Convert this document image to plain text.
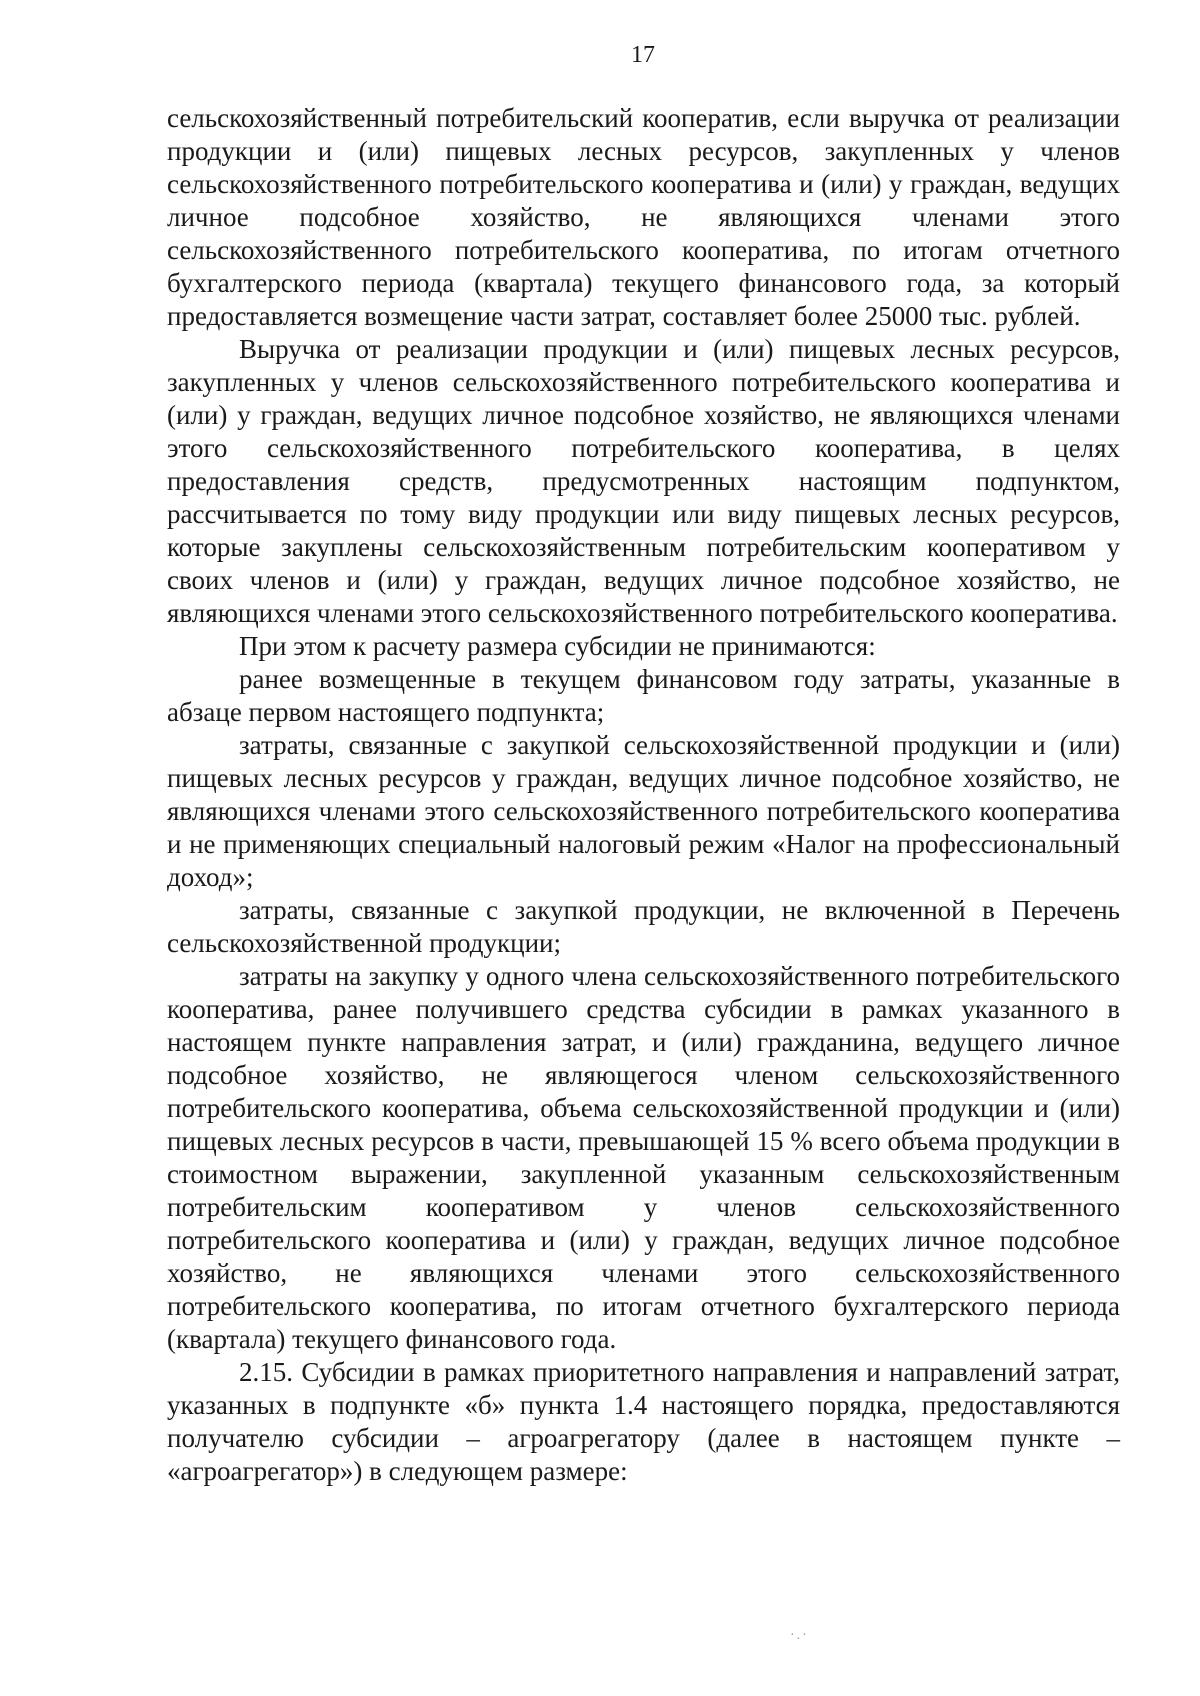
17

сельскохозяйственный потребительский кооператив, если выручка от реализации продукции и (или) пищевых лесных ресурсов, закупленных у членов сельскохозяйственного потребительского кооператива и (или) у граждан, ведущих личное подсобное хозяйство, не являющихся членами этого сельскохозяйственного потребительского кооператива, по итогам отчетного бухгалтерского периода (квартала) текущего финансового года, за который предоставляется возмещение части затрат, составляет более 25000 тыс. рублей.

Выручка от реализации продукции и (или) пищевых лесных ресурсов, закупленных у членов сельскохозяйственного потребительского кооператива и (или) у граждан, ведущих личное подсобное хозяйство, не являющихся членами этого сельскохозяйственного потребительского кооператива, в целях предоставления средств, предусмотренных настоящим подпунктом, рассчитывается по тому виду продукции или виду пищевых лесных ресурсов, которые закуплены сельскохозяйственным потребительским кооперативом у своих членов и (или) у граждан, ведущих личное подсобное хозяйство, не являющихся членами этого сельскохозяйственного потребительского кооператива.

При этом к расчету размера субсидии не принимаются:

ранее возмещенные в текущем финансовом году затраты, указанные в абзаце первом настоящего подпункта;

затраты, связанные с закупкой сельскохозяйственной продукции и (или) пищевых лесных ресурсов у граждан, ведущих личное подсобное хозяйство, не являющихся членами этого сельскохозяйственного потребительского кооператива и не применяющих специальный налоговый режим «Налог на профессиональный доход»;

затраты, связанные с закупкой продукции, не включенной в Перечень сельскохозяйственной продукции;

затраты на закупку у одного члена сельскохозяйственного потребительского кооператива, ранее получившего средства субсидии в рамках указанного в настоящем пункте направления затрат, и (или) гражданина, ведущего личное подсобное хозяйство, не являющегося членом сельскохозяйственного потребительского кооператива, объема сельскохозяйственной продукции и (или) пищевых лесных ресурсов в части, превышающей 15 % всего объема продукции в стоимостном выражении, закупленной указанным сельскохозяйственным потребительским кооперативом у членов сельскохозяйственного потребительского кооператива и (или) у граждан, ведущих личное подсобное хозяйство, не являющихся членами этого сельскохозяйственного потребительского кооператива, по итогам отчетного бухгалтерского периода (квартала) текущего финансового года.

2.15. Субсидии в рамках приоритетного направления и направлений затрат, указанных в подпункте «б» пункта 1.4 настоящего порядка, предоставляются получателю субсидии – агроагрегатору (далее в настоящем пункте – «агроагрегатор») в следующем размере:

·.·
